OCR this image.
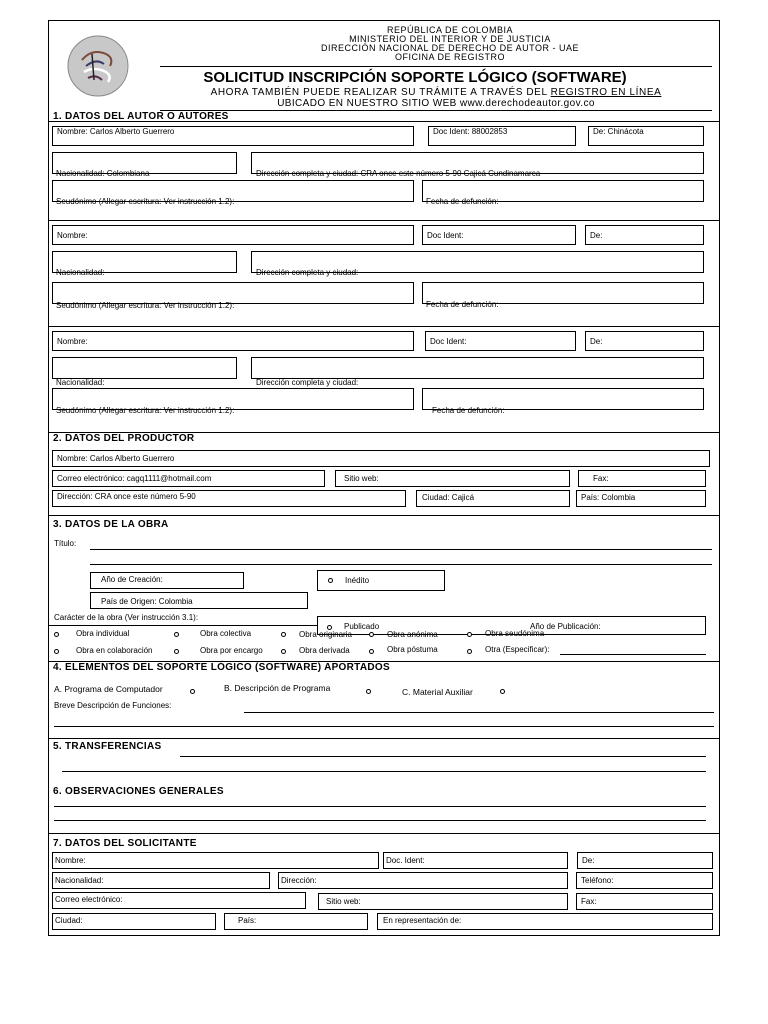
REPÚBLICA DE COLOMBIA
MINISTERIO DEL INTERIOR Y DE JUSTICIA
DIRECCIÓN NACIONAL DE DERECHO DE AUTOR - UAE
OFICINA DE REGISTRO
SOLICITUD INSCRIPCIÓN SOPORTE LÓGICO (SOFTWARE)
AHORA TAMBIÉN PUEDE REALIZAR SU TRÁMITE A TRAVÉS DEL REGISTRO EN LÍNEA
UBICADO EN NUESTRO SITIO WEB www.derechodeautor.gov.co
1. DATOS DEL AUTOR O AUTORES
Nombre: Carlos Alberto Guerrero	Doc Ident: 88002853	De: Chinácota
Nacionalidad: Colombiana	Dirección completa y ciudad: CRA once este número 5-90 Cajicá Cundinamarca
Seudónimo (Allegar escritura: Ver instrucción 1.2):	Fecha de defunción:
Nombre:	Doc Ident:	De:
Nacionalidad:	Dirección completa y ciudad:
Seudónimo (Allegar escritura: Ver instrucción 1.2):	Fecha de defunción:
Nombre:	Doc Ident:	De:
Nacionalidad:	Dirección completa y ciudad:
Seudónimo (Allegar escritura: Ver instrucción 1.2):	Fecha de defunción:
2. DATOS DEL PRODUCTOR
Nombre: Carlos Alberto Guerrero
Correo electrónico: cagq1111@hotmail.com	Sitio web:	Fax:
Dirección: CRA once este número 5-90	Ciudad: Cajicá	País: Colombia
3. DATOS DE LA OBRA
Título:
Año de Creación:	Inédito
País de Origen: Colombia
Publicado	Año de Publicación:
Carácter de la obra (Ver instrucción 3.1):
Obra individual	Obra colectiva	Obra originaria	Obra anónima	Obra seudónima
Obra en colaboración	Obra por encargo	Obra derivada	Obra póstuma	Otra (Especificar):
4. ELEMENTOS DEL SOPORTE LÓGICO (SOFTWARE) APORTADOS
A. Programa de Computador	B. Descripción de Programa	C. Material Auxiliar
Breve Descripción de Funciones:
5. TRANSFERENCIAS
6. OBSERVACIONES GENERALES
7. DATOS DEL SOLICITANTE
Nombre:	Doc. Ident:	De:
Nacionalidad:	Dirección:	Teléfono:
Correo electrónico:	Sitio web:	Fax:
Ciudad:	País:	En representación de:
